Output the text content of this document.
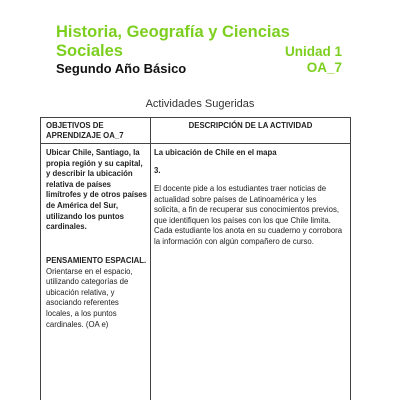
Historia, Geografía y Ciencias Sociales	Unidad 1
Segundo Año Básico	OA_7
Actividades Sugeridas
OBJETIVOS DE APRENDIZAJE OA_7
DESCRIPCIÓN DE LA ACTIVIDAD
Ubicar Chile, Santiago, la propia región y su capital, y describir la ubicación relativa de países limítrofes y de otros países de América del Sur, utilizando los puntos cardinales.
PENSAMIENTO ESPACIAL. Orientarse en el espacio, utilizando categorías de ubicación relativa, y asociando referentes locales, a los puntos cardinales. (OA e)
La ubicación de Chile en el mapa
3.
El docente pide a los estudiantes traer noticias de actualidad sobre países de Latinoamérica y les solicita, a fin de recuperar sus conocimientos previos, que identifiquen los países con los que Chile limita. Cada estudiante los anota en su cuaderno y corrobora la información con algún compañero de curso.
